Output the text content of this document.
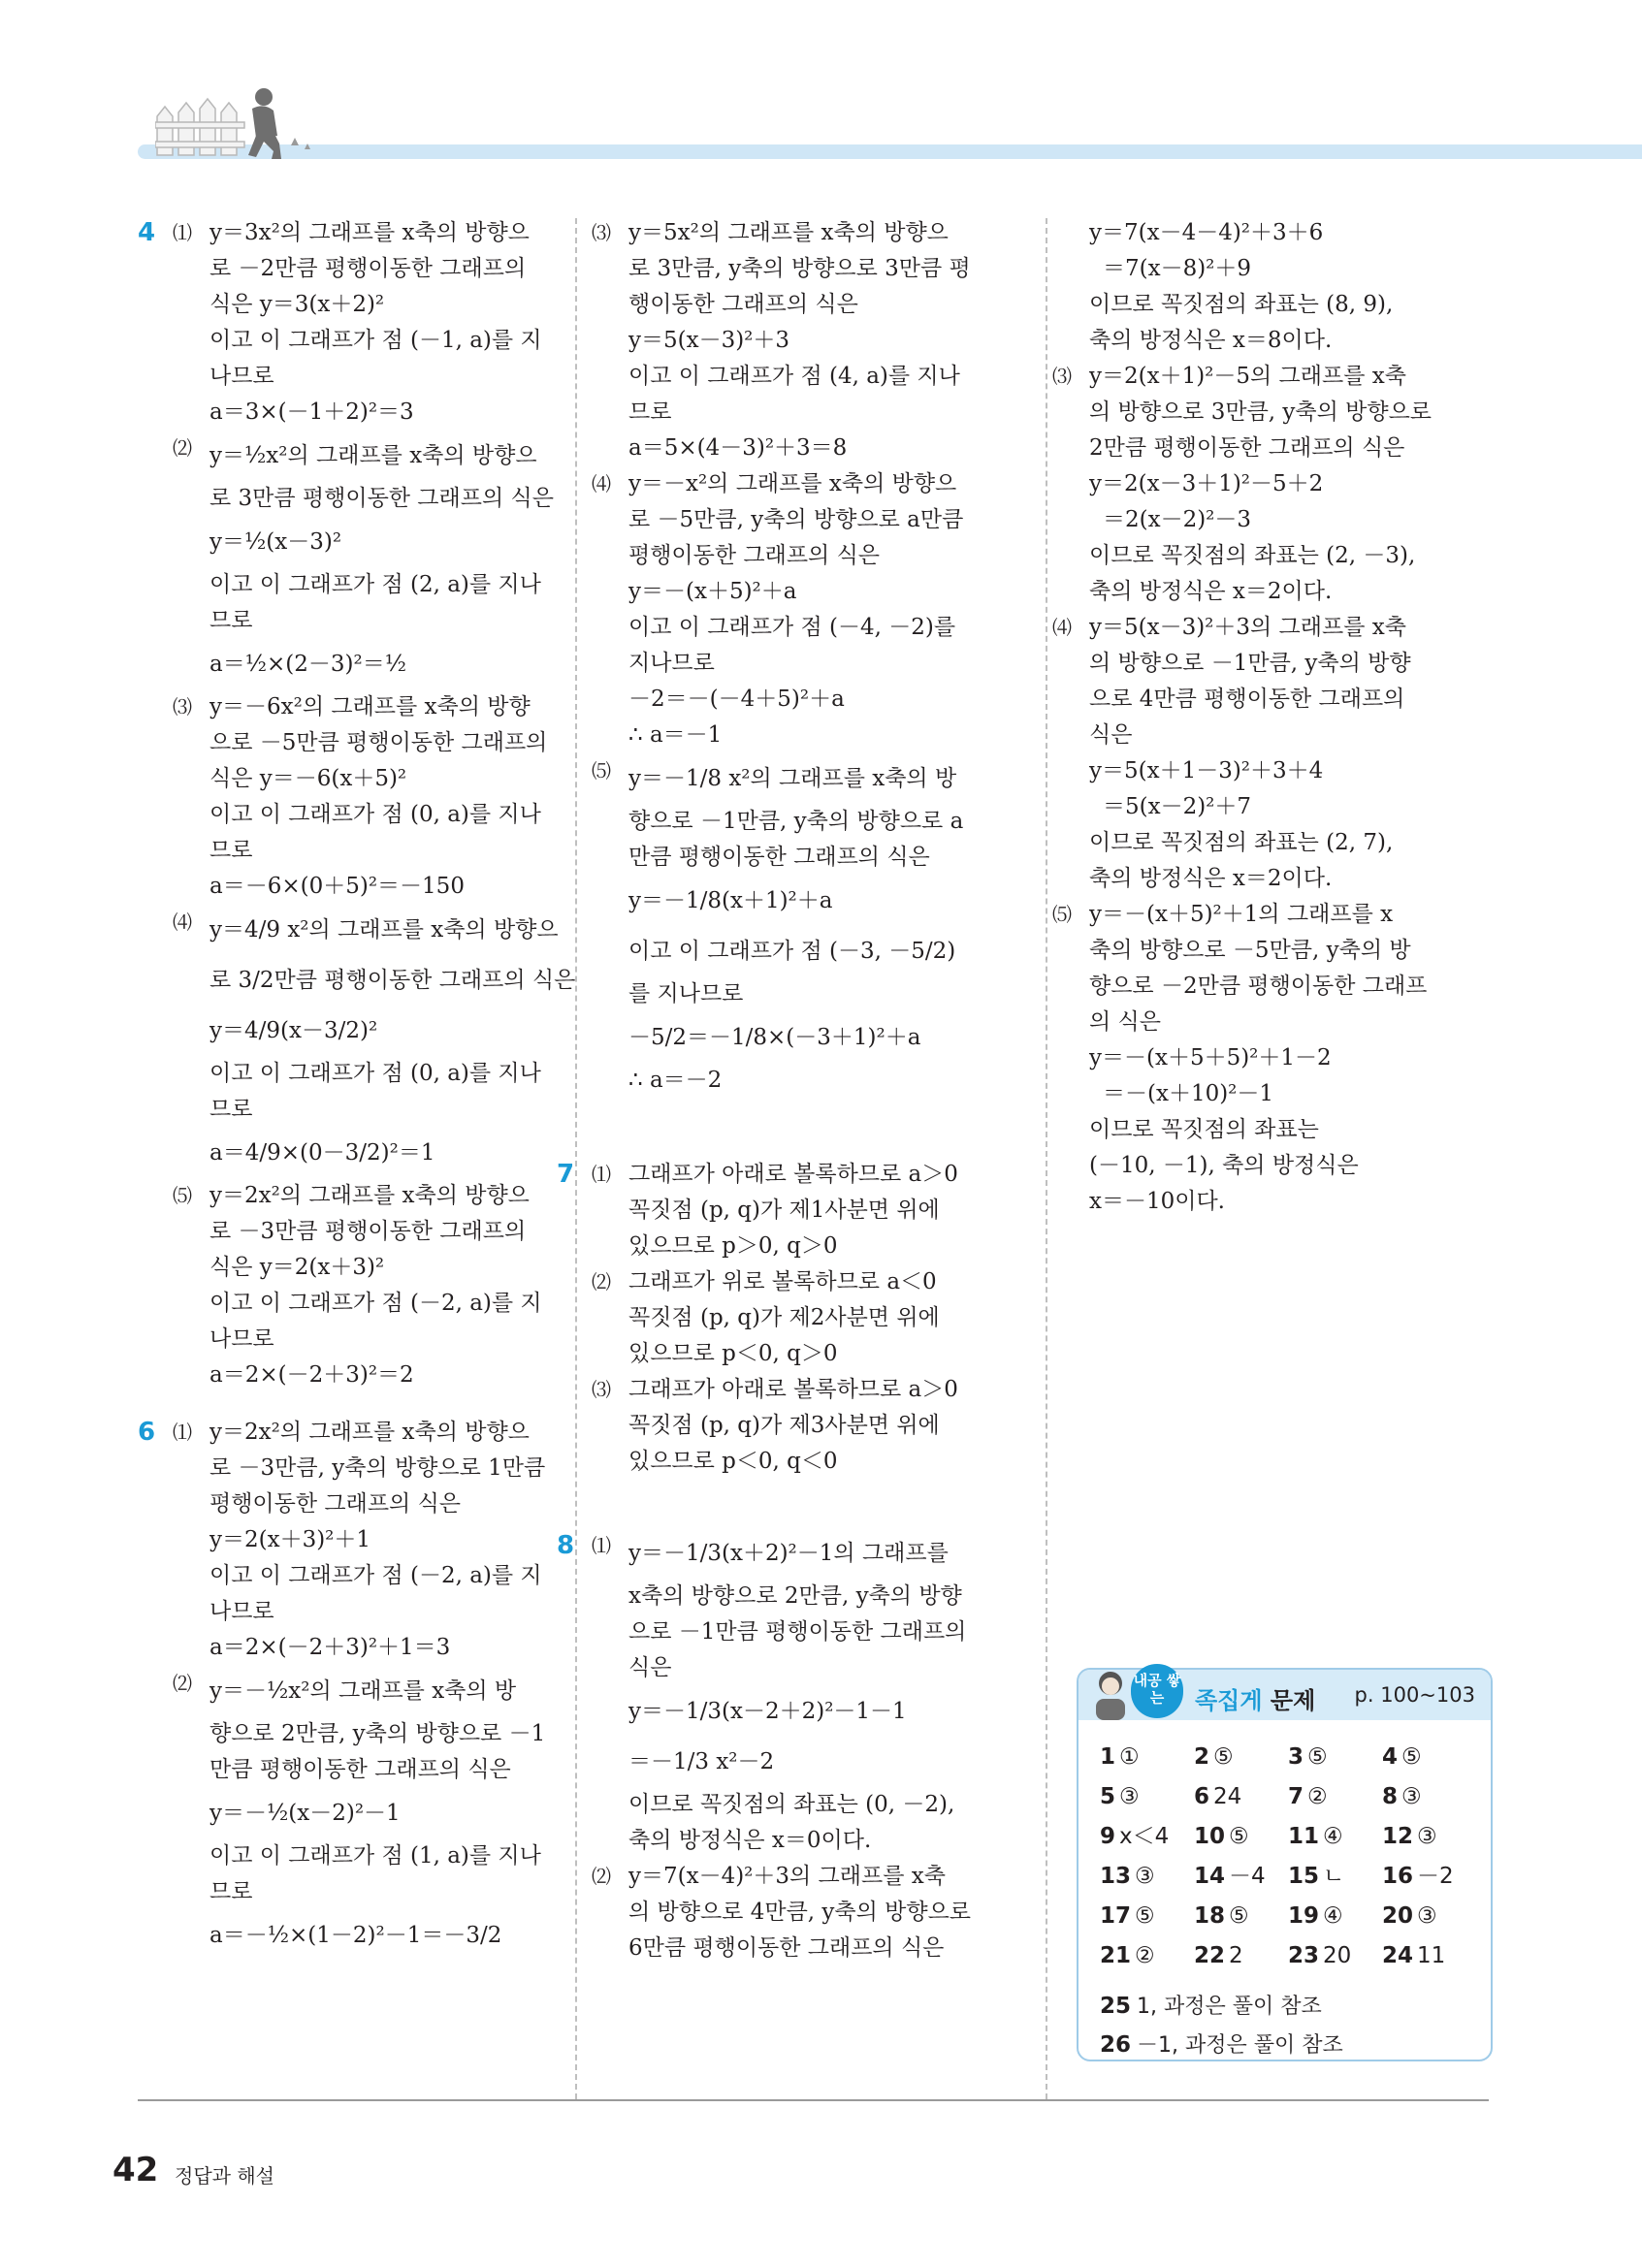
4 ⑴ y＝3x²의 그래프를 x축의 방향으
로 －2만큼 평행이동한 그래프의
식은 y＝3(x＋2)²
이고 이 그래프가 점 (－1, a)를 지
나므로
a＝3×(－1＋2)²＝3
⑵ y＝½x²의 그래프를 x축의 방향으
로 3만큼 평행이동한 그래프의 식은
y＝½(x－3)²
이고 이 그래프가 점 (2, a)를 지나
므로
a＝½×(2－3)²＝½
⑶ y＝－6x²의 그래프를 x축의 방향
으로 －5만큼 평행이동한 그래프의
식은 y＝－6(x＋5)²
이고 이 그래프가 점 (0, a)를 지나
므로
a＝－6×(0＋5)²＝－150
⑷ y＝4/9 x²의 그래프를 x축의 방향으
로 3/2만큼 평행이동한 그래프의 식은
y＝4/9(x－3/2)²
이고 이 그래프가 점 (0, a)를 지나
므로
a＝4/9×(0－3/2)²＝1
⑸ y＝2x²의 그래프를 x축의 방향으
로 －3만큼 평행이동한 그래프의
식은 y＝2(x＋3)²
이고 이 그래프가 점 (－2, a)를 지
나므로
a＝2×(－2＋3)²＝2
6 ⑴ y＝2x²의 그래프를 x축의 방향으
로 －3만큼, y축의 방향으로 1만큼
평행이동한 그래프의 식은
y＝2(x＋3)²＋1
이고 이 그래프가 점 (－2, a)를 지
나므로
a＝2×(－2＋3)²＋1＝3
⑵ y＝－½x²의 그래프를 x축의 방
향으로 2만큼, y축의 방향으로 －1
만큼 평행이동한 그래프의 식은
y＝－½(x－2)²－1
이고 이 그래프가 점 (1, a)를 지나
므로
a＝－½×(1－2)²－1＝－3/2
⑶ y＝5x²의 그래프를 x축의 방향으
로 3만큼, y축의 방향으로 3만큼 평
행이동한 그래프의 식은
y＝5(x－3)²＋3
이고 이 그래프가 점 (4, a)를 지나
므로
a＝5×(4－3)²＋3＝8
⑷ y＝－x²의 그래프를 x축의 방향으
로 －5만큼, y축의 방향으로 a만큼
평행이동한 그래프의 식은
y＝－(x＋5)²＋a
이고 이 그래프가 점 (－4, －2)를
지나므로
－2＝－(－4＋5)²＋a
∴ a＝－1
⑸ y＝－1/8 x²의 그래프를 x축의 방
향으로 －1만큼, y축의 방향으로 a
만큼 평행이동한 그래프의 식은
y＝－1/8(x＋1)²＋a
이고 이 그래프가 점 (－3, －5/2)
를 지나므로
－5/2＝－1/8×(－3＋1)²＋a
∴ a＝－2
7 ⑴ 그래프가 아래로 볼록하므로 a＞0
꼭짓점 (p, q)가 제1사분면 위에
있으므로 p＞0, q＞0
⑵ 그래프가 위로 볼록하므로 a＜0
꼭짓점 (p, q)가 제2사분면 위에
있으므로 p＜0, q＞0
⑶ 그래프가 아래로 볼록하므로 a＞0
꼭짓점 (p, q)가 제3사분면 위에
있으므로 p＜0, q＜0
8 ⑴ y＝－1/3(x＋2)²－1의 그래프를
x축의 방향으로 2만큼, y축의 방향
으로 －1만큼 평행이동한 그래프의
식은
y＝－1/3(x－2＋2)²－1－1
＝－1/3 x²－2
이므로 꼭짓점의 좌표는 (0, －2),
축의 방정식은 x＝0이다.
⑵ y＝7(x－4)²＋3의 그래프를 x축
의 방향으로 4만큼, y축의 방향으로
6만큼 평행이동한 그래프의 식은
y＝7(x－4－4)²＋3＋6
＝7(x－8)²＋9
이므로 꼭짓점의 좌표는 (8, 9),
축의 방정식은 x＝8이다.
⑶ y＝2(x＋1)²－5의 그래프를 x축
의 방향으로 3만큼, y축의 방향으로
2만큼 평행이동한 그래프의 식은
y＝2(x－3＋1)²－5＋2
＝2(x－2)²－3
이므로 꼭짓점의 좌표는 (2, －3),
축의 방정식은 x＝2이다.
⑷ y＝5(x－3)²＋3의 그래프를 x축
의 방향으로 －1만큼, y축의 방향
으로 4만큼 평행이동한 그래프의
식은
y＝5(x＋1－3)²＋3＋4
＝5(x－2)²＋7
이므로 꼭짓점의 좌표는 (2, 7),
축의 방정식은 x＝2이다.
⑸ y＝－(x＋5)²＋1의 그래프를 x
축의 방향으로 －5만큼, y축의 방
향으로 －2만큼 평행이동한 그래프
의 식은
y＝－(x＋5＋5)²＋1－2
＝－(x＋10)²－1
이므로 꼭짓점의 좌표는
(－10, －1), 축의 방정식은
x＝－10이다.
내공 쌓는	족집게 문제 p. 100~103
1 ①	2 ⑤	3 ⑤	4 ⑤
5 ③	6 24	7 ②	8 ③
9 x＜4	10 ⑤	11 ④	12 ③
13 ③	14 －4	15 ㄴ	16 －2
17 ⑤	18 ⑤	19 ④	20 ③
21 ②	22 2	23 20	24 11
25 1, 과정은 풀이 참조
26 －1, 과정은 풀이 참조
42 정답과 해설
